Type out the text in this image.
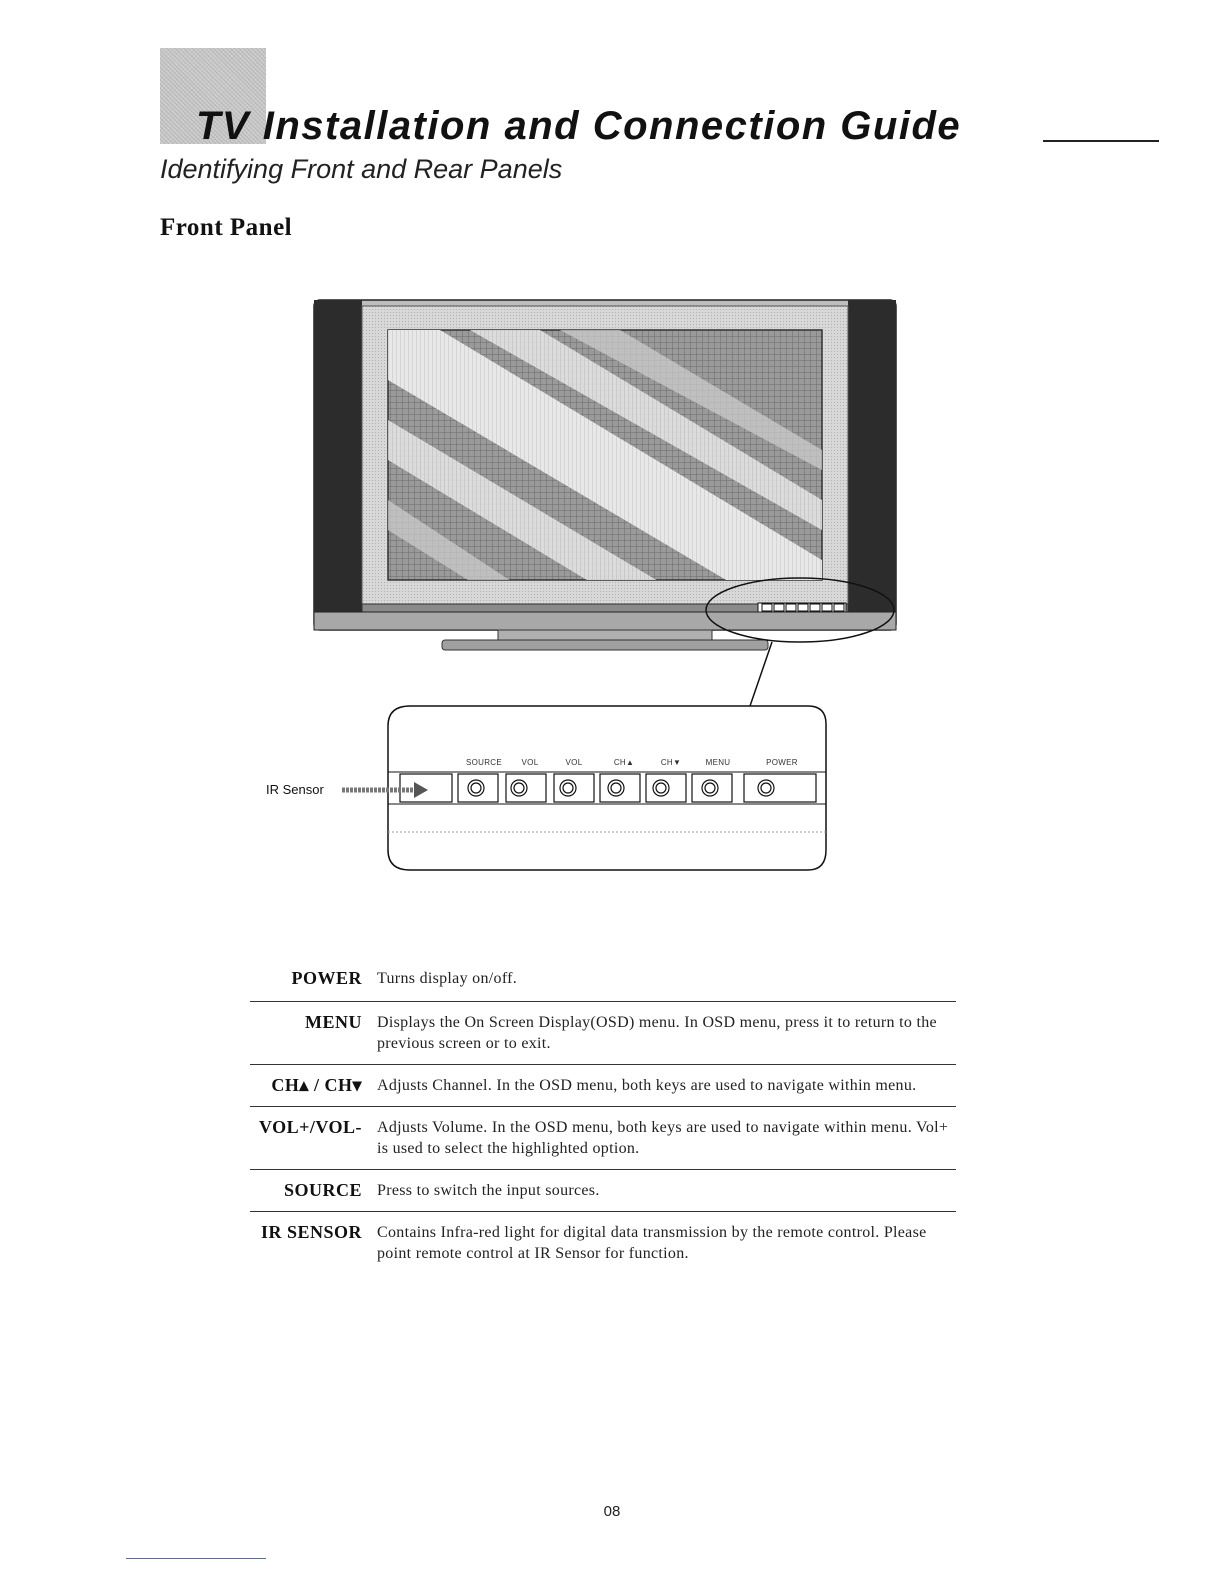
TV Installation and Connection Guide
Identifying Front and Rear Panels
Front Panel
IR Sensor
SOURCE	VOL	VOL	CH▲	CH▼	MENU	POWER
POWER Turns display on/off.
MENU Displays the On Screen Display(OSD) menu. In OSD menu, press it to return to the previous screen or to exit.
CH▴ / CH▾ Adjusts Channel. In the OSD menu, both keys are used to navigate within menu.
VOL+/VOL- Adjusts Volume. In the OSD menu, both keys are used to navigate within menu. Vol+ is used to select the highlighted option.
SOURCE Press to switch the input sources.
IR SENSOR Contains Infra-red light for digital data transmission by the remote control. Please point remote control at IR Sensor for function.
08
